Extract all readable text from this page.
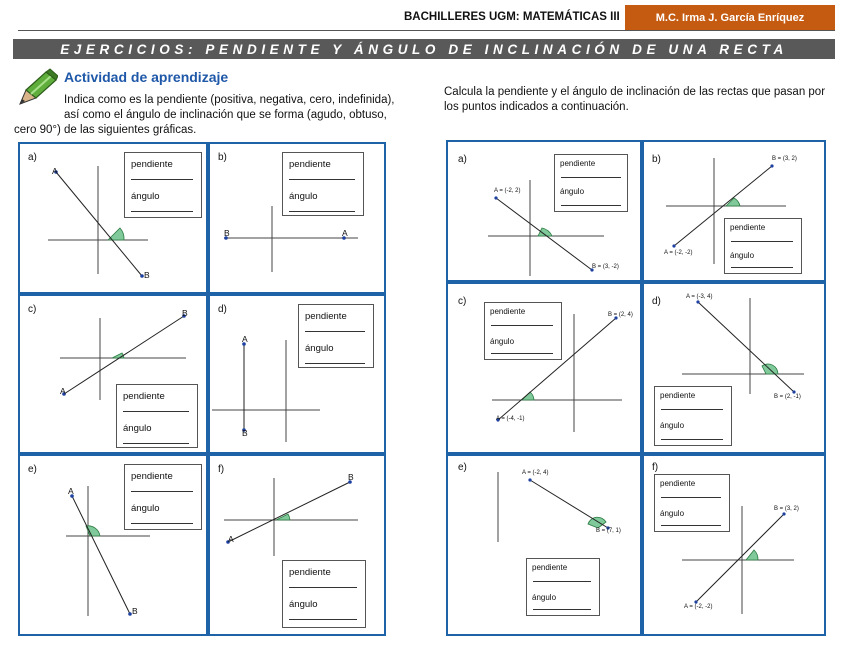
BACHILLERES UGM: MATEMÁTICAS III	M.C. Irma J. García Enríquez
EJERCICIOS: PENDIENTE Y ÁNGULO DE INCLINACIÓN DE UNA RECTA
Actividad de aprendizaje
Indica como es la pendiente (positiva, negativa, cero, indefinida),
así como el ángulo de inclinación que se forma (agudo, obtuso,
cero 90°) de las siguientes gráficas.
Calcula la pendiente y el ángulo de inclinación de las rectas que pasan por
los puntos indicados a continuación.
a)
A
B
pendiente
ángulo
b)
B	A
pendiente
ángulo
c)	B
A	pendiente
ángulo
d)
A
B
pendiente
ángulo
e)
A
B
pendiente
ángulo
f)
B
A
pendiente
ángulo
a)
A = (-2, 2)
B = (3, -2)
pendiente
ángulo
b)	B = (3, 2)
A = (-2, -2)
pendiente
ángulo
c)
B = (2, 4)
A = (-4, -1)
pendiente
ángulo
d)	A = (-3, 4)
B = (2, -1)
pendiente
ángulo
e)	A = (-2, 4)
B = (7, 1)
pendiente
ángulo
f)
B = (3, 2)
A = (-2, -2)
pendiente
ángulo
